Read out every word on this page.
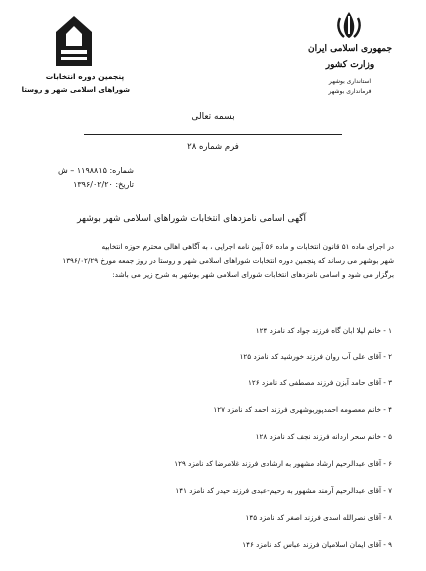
پنجمین دوره انتخابات
شوراهای اسلامی شهر و روستا
جمهوری اسلامی ایران
وزارت کشور
استانداری بوشهر
فرمانداری بوشهر
بسمه تعالی
فرم شماره ۲۸
شماره: ۱۱۹۸۸۱۵ – ش
تاریخ: ۱۳۹۶/۰۲/۲۰
آگهی اسامی نامزدهای انتخابات شوراهای اسلامی شهر بوشهر
در اجرای ماده ۵۱ قانون انتخابات و ماده ۵۶ آیین نامه اجرایی ، به آگاهی اهالی محترم حوزه انتخابیه
شهر بوشهر می رساند که پنجمین دوره انتخابات شوراهای اسلامی شهر و روستا در روز جمعه مورخ ۱۳۹۶/۰۲/۲۹
برگزار می شود و اسامی نامزدهای انتخابات شورای اسلامی شهر بوشهر به شرح زیر می باشد:
۱ - خانم لیلا ابان گاه فرزند جواد کد نامزد ۱۲۴
۲ - آقای علی آب روان فرزند خورشید کد نامزد ۱۲۵
۳ - آقای حامد آبزن فرزند مصطفی کد نامزد ۱۲۶
۴ - خانم معصومه احمدپوربوشهری فرزند احمد کد نامزد ۱۲۷
۵ - خانم سحر اردانه فرزند نجف کد نامزد ۱۲۸
۶ - آقای عبدالرحیم ارشاد مشهور به ارشادی فرزند غلامرضا کد نامزد ۱۲۹
۷ - آقای عبدالرحیم آرمند مشهور به رحیم-عبدی فرزند حیدر کد نامزد ۱۴۱
۸ - آقای نصرالله اسدی فرزند اصغر کد نامزد ۱۴۵
۹ - آقای ایمان اسلامیان فرزند عباس کد نامزد ۱۴۶
